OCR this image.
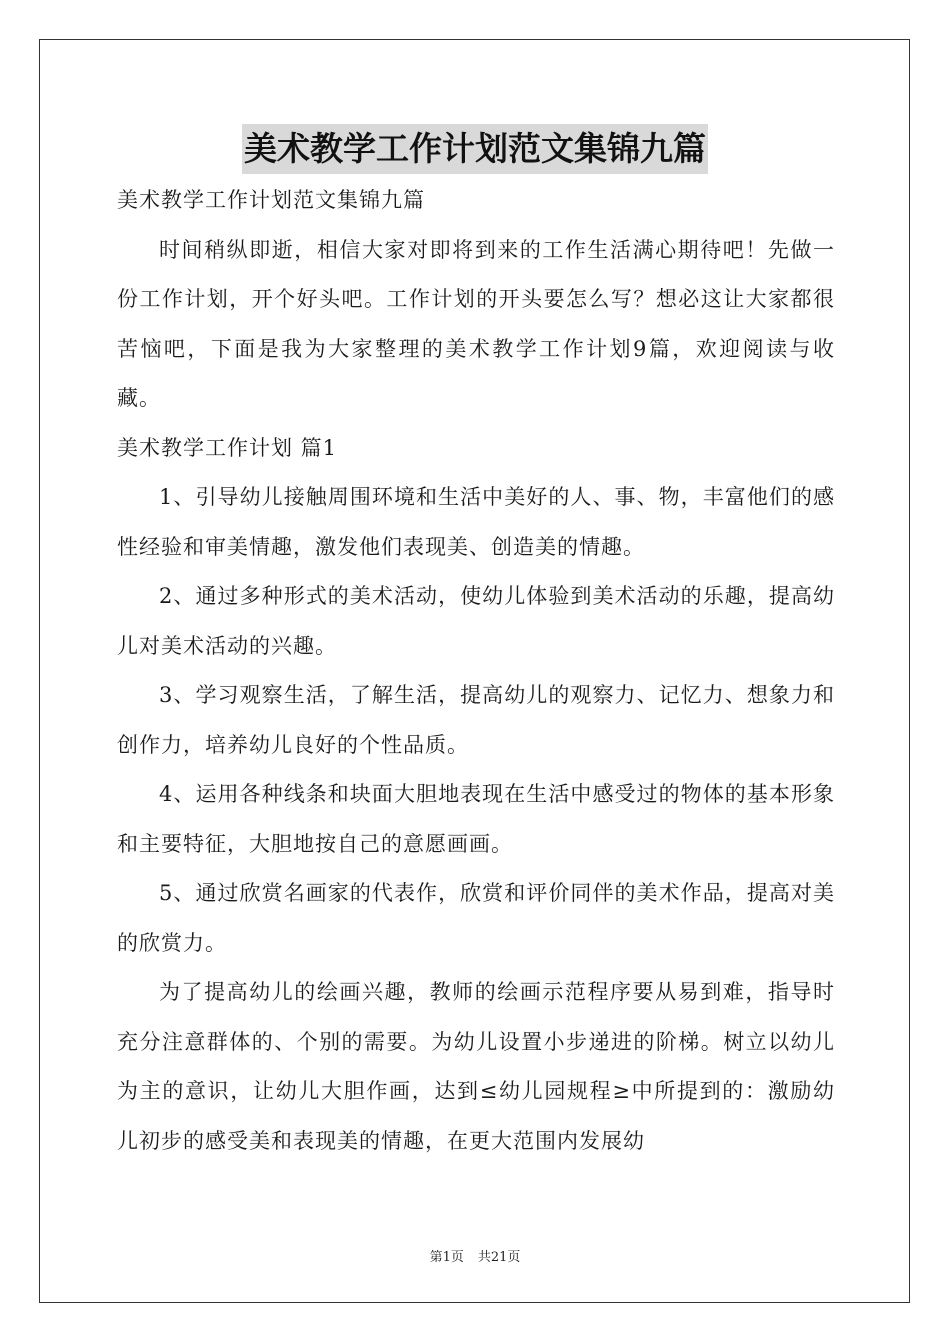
美术教学工作计划范文集锦九篇

美术教学工作计划范文集锦九篇

时间稍纵即逝，相信大家对即将到来的工作生活满心期待吧！先做一份工作计划，开个好头吧。工作计划的开头要怎么写？想必这让大家都很苦恼吧，下面是我为大家整理的美术教学工作计划9篇，欢迎阅读与收藏。

美术教学工作计划 篇1

1、引导幼儿接触周围环境和生活中美好的人、事、物，丰富他们的感性经验和审美情趣，激发他们表现美、创造美的情趣。

2、通过多种形式的美术活动，使幼儿体验到美术活动的乐趣，提高幼儿对美术活动的兴趣。

3、学习观察生活，了解生活，提高幼儿的观察力、记忆力、想象力和创作力，培养幼儿良好的个性品质。

4、运用各种线条和块面大胆地表现在生活中感受过的物体的基本形象和主要特征，大胆地按自己的意愿画画。

5、通过欣赏名画家的代表作，欣赏和评价同伴的美术作品，提高对美的欣赏力。

为了提高幼儿的绘画兴趣，教师的绘画示范程序要从易到难，指导时充分注意群体的、个别的需要。为幼儿设置小步递进的阶梯。树立以幼儿为主的意识，让幼儿大胆作画，达到≤幼儿园规程≥中所提到的：激励幼儿初步的感受美和表现美的情趣，在更大范围内发展幼

第1页 共21页
